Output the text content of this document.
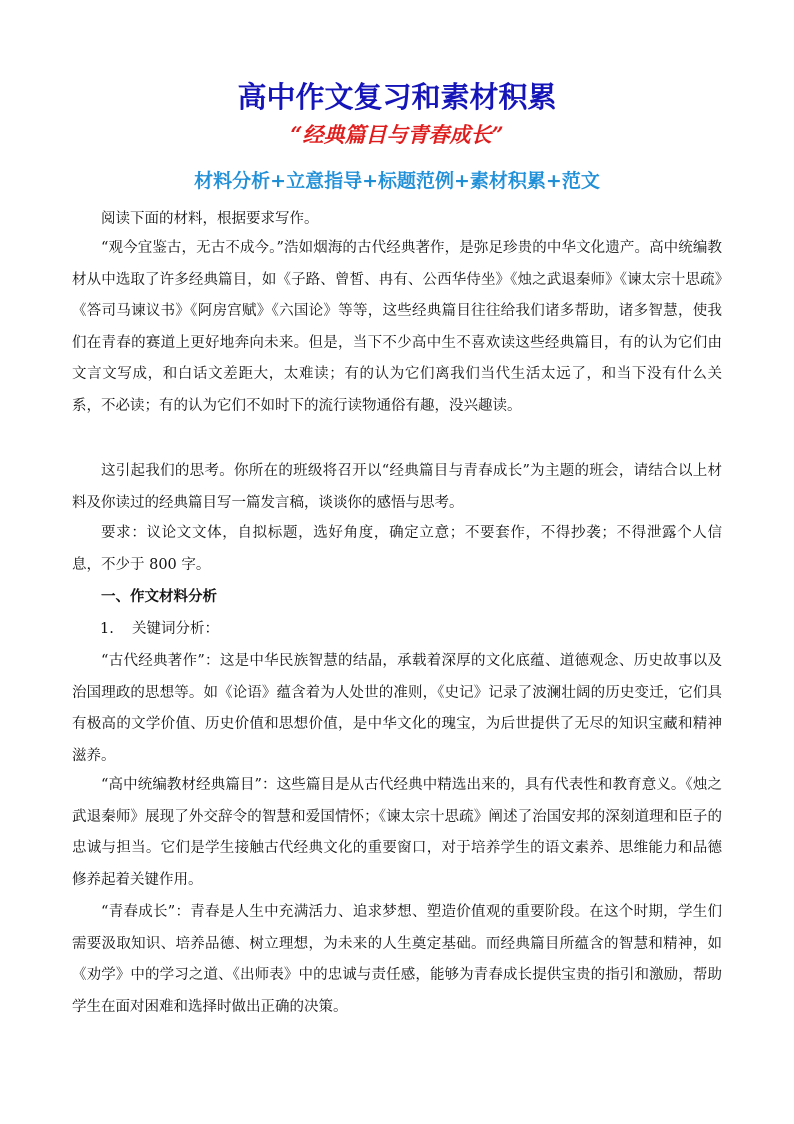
高中作文复习和素材积累
“经典篇目与青春成长”
材料分析+立意指导+标题范例+素材积累+范文

阅读下面的材料，根据要求写作。

“观今宜鉴古，无古不成今。”浩如烟海的古代经典著作，是弥足珍贵的中华文化遗产。高中统编教材从中选取了许多经典篇目，如《子路、曾皙、冉有、公西华侍坐》《烛之武退秦师》《谏太宗十思疏》《答司马谏议书》《阿房宫赋》《六国论》等等，这些经典篇目往往给我们诸多帮助，诸多智慧，使我们在青春的赛道上更好地奔向未来。但是，当下不少高中生不喜欢读这些经典篇目，有的认为它们由文言文写成，和白话文差距大，太难读；有的认为它们离我们当代生活太远了，和当下没有什么关系，不必读；有的认为它们不如时下的流行读物通俗有趣，没兴趣读。

这引起我们的思考。你所在的班级将召开以“经典篇目与青春成长”为主题的班会，请结合以上材料及你读过的经典篇目写一篇发言稿，谈谈你的感悟与思考。

要求：议论文文体，自拟标题，选好角度，确定立意；不要套作，不得抄袭；不得泄露个人信息，不少于 800 字。

一、作文材料分析

1. 关键词分析：

“古代经典著作”：这是中华民族智慧的结晶，承载着深厚的文化底蕴、道德观念、历史故事以及治国理政的思想等。如《论语》蕴含着为人处世的准则，《史记》记录了波澜壮阔的历史变迁，它们具有极高的文学价值、历史价值和思想价值，是中华文化的瑰宝，为后世提供了无尽的知识宝藏和精神滋养。

“高中统编教材经典篇目”：这些篇目是从古代经典中精选出来的，具有代表性和教育意义。《烛之武退秦师》展现了外交辞令的智慧和爱国情怀；《谏太宗十思疏》阐述了治国安邦的深刻道理和臣子的忠诚与担当。它们是学生接触古代经典文化的重要窗口，对于培养学生的语文素养、思维能力和品德修养起着关键作用。

“青春成长”：青春是人生中充满活力、追求梦想、塑造价值观的重要阶段。在这个时期，学生们需要汲取知识、培养品德、树立理想，为未来的人生奠定基础。而经典篇目所蕴含的智慧和精神，如《劝学》中的学习之道、《出师表》中的忠诚与责任感，能够为青春成长提供宝贵的指引和激励，帮助学生在面对困难和选择时做出正确的决策。
